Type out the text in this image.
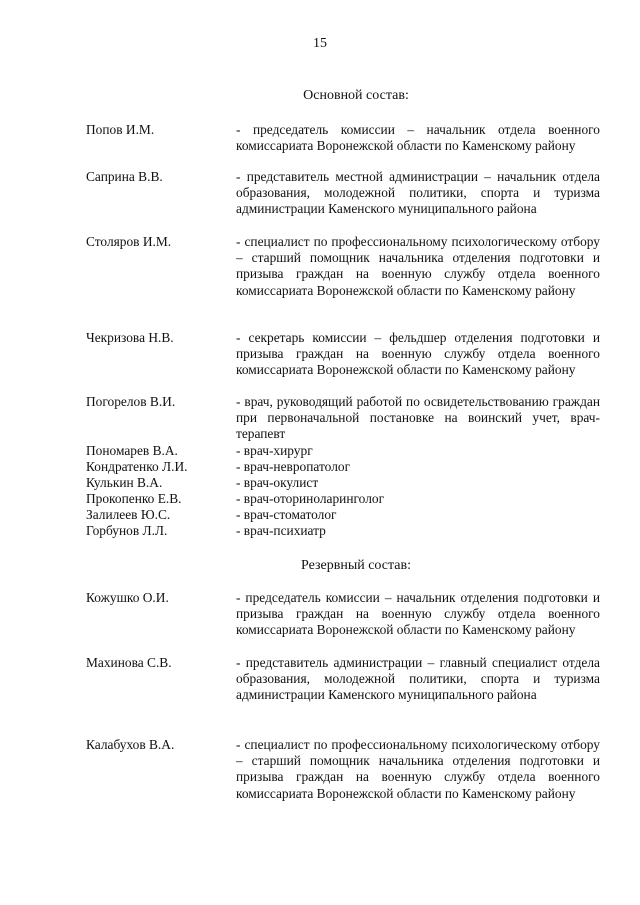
15
Основной состав:
Попов И.М.	- председатель комиссии – начальник отдела военного комиссариата Воронежской области по Каменскому району
Саприна В.В.	- представитель местной администрации – начальник отдела образования, молодежной политики, спорта и туризма администрации Каменского муниципального района
Столяров И.М.	- специалист по профессиональному психологическому отбору – старший помощник начальника отделения подготовки и призыва граждан на военную службу отдела военного комиссариата Воронежской области по Каменскому району
Чекризова Н.В.	- секретарь комиссии – фельдшер отделения подготовки и призыва граждан на военную службу отдела военного комиссариата Воронежской области по Каменскому району
Погорелов В.И.	- врач, руководящий работой по освидетельствованию граждан при первоначальной постановке на воинский учет, врач-терапевт
Пономарев В.А.	- врач-хирург
Кондратенко Л.И.	- врач-невропатолог
Кулькин В.А.	- врач-окулист
Прокопенко Е.В.	- врач-оториноларинголог
Залилеев Ю.С.	- врач-стоматолог
Горбунов Л.Л.	- врач-психиатр
Резервный состав:
Кожушко О.И.	- председатель комиссии – начальник отделения подготовки и призыва граждан на военную службу отдела военного комиссариата Воронежской области по Каменскому району
Махинова С.В.	- представитель администрации – главный специалист отдела образования, молодежной политики, спорта и туризма администрации Каменского муниципального района
Калабухов В.А.	- специалист по профессиональному психологическому отбору – старший помощник начальника отделения подготовки и призыва граждан на военную службу отдела военного комиссариата Воронежской области по Каменскому району
